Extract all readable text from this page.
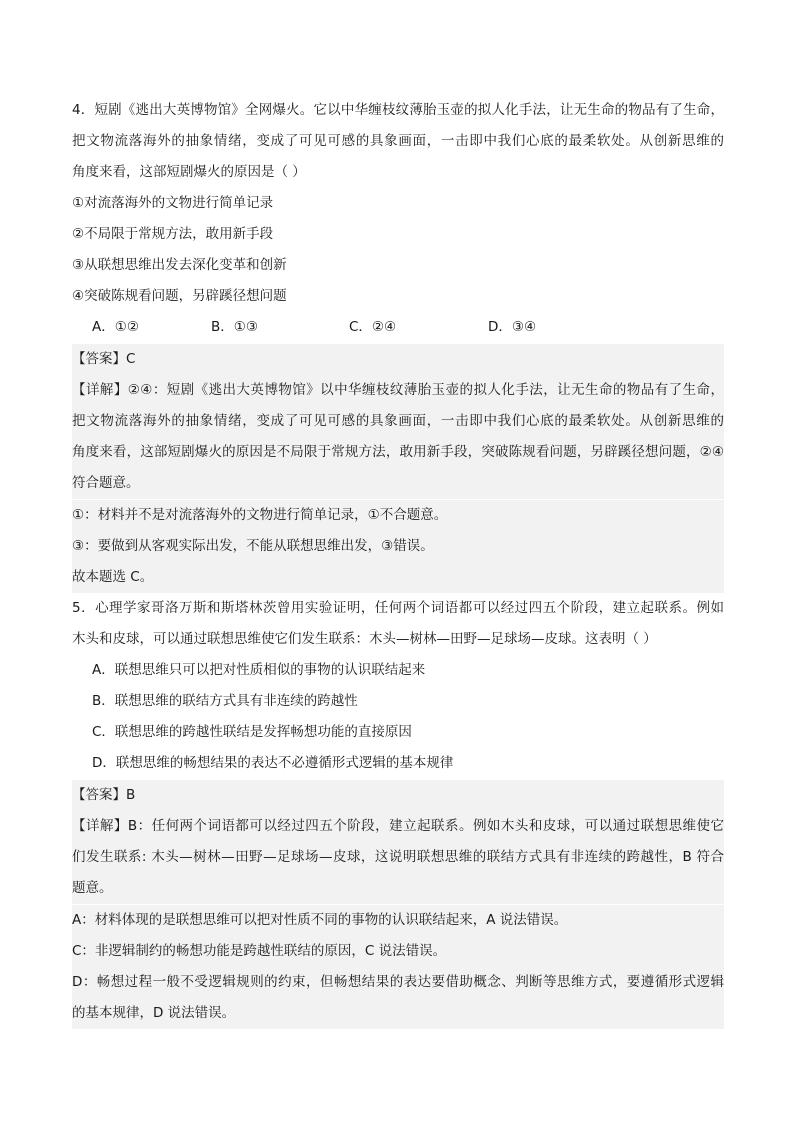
4．短剧《逃出大英博物馆》全网爆火。它以中华缠枝纹薄胎玉壶的拟人化手法，让无生命的物品有了生命，
把文物流落海外的抽象情绪，变成了可见可感的具象画面，一击即中我们心底的最柔软处。从创新思维的
角度来看，这部短剧爆火的原因是（ ）
①对流落海外的文物进行简单记录
②不局限于常规方法，敢用新手段
③从联想思维出发去深化变革和创新
④突破陈规看问题，另辟蹊径想问题
A．①②	B．①③	C．②④	D．③④
【答案】C
【详解】②④：短剧《逃出大英博物馆》以中华缠枝纹薄胎玉壶的拟人化手法，让无生命的物品有了生命，
把文物流落海外的抽象情绪，变成了可见可感的具象画面，一击即中我们心底的最柔软处。从创新思维的
角度来看，这部短剧爆火的原因是不局限于常规方法，敢用新手段，突破陈规看问题，另辟蹊径想问题，②④
符合题意。
①：材料并不是对流落海外的文物进行简单记录，①不合题意。
③：要做到从客观实际出发，不能从联想思维出发，③错误。
故本题选 C。
5．心理学家哥洛万斯和斯塔林茨曾用实验证明，任何两个词语都可以经过四五个阶段，建立起联系。例如
木头和皮球，可以通过联想思维使它们发生联系：木头—树林—田野—足球场—皮球。这表明（ ）
A．联想思维只可以把对性质相似的事物的认识联结起来
B．联想思维的联结方式具有非连续的跨越性
C．联想思维的跨越性联结是发挥畅想功能的直接原因
D．联想思维的畅想结果的表达不必遵循形式逻辑的基本规律
【答案】B
【详解】B：任何两个词语都可以经过四五个阶段，建立起联系。例如木头和皮球，可以通过联想思维使它
们发生联系: 木头—树林—田野—足球场—皮球，这说明联想思维的联结方式具有非连续的跨越性，B 符合
题意。
A：材料体现的是联想思维可以把对性质不同的事物的认识联结起来，A 说法错误。
C：非逻辑制约的畅想功能是跨越性联结的原因，C 说法错误。
D：畅想过程一般不受逻辑规则的约束，但畅想结果的表达要借助概念、判断等思维方式，要遵循形式逻辑
的基本规律，D 说法错误。
